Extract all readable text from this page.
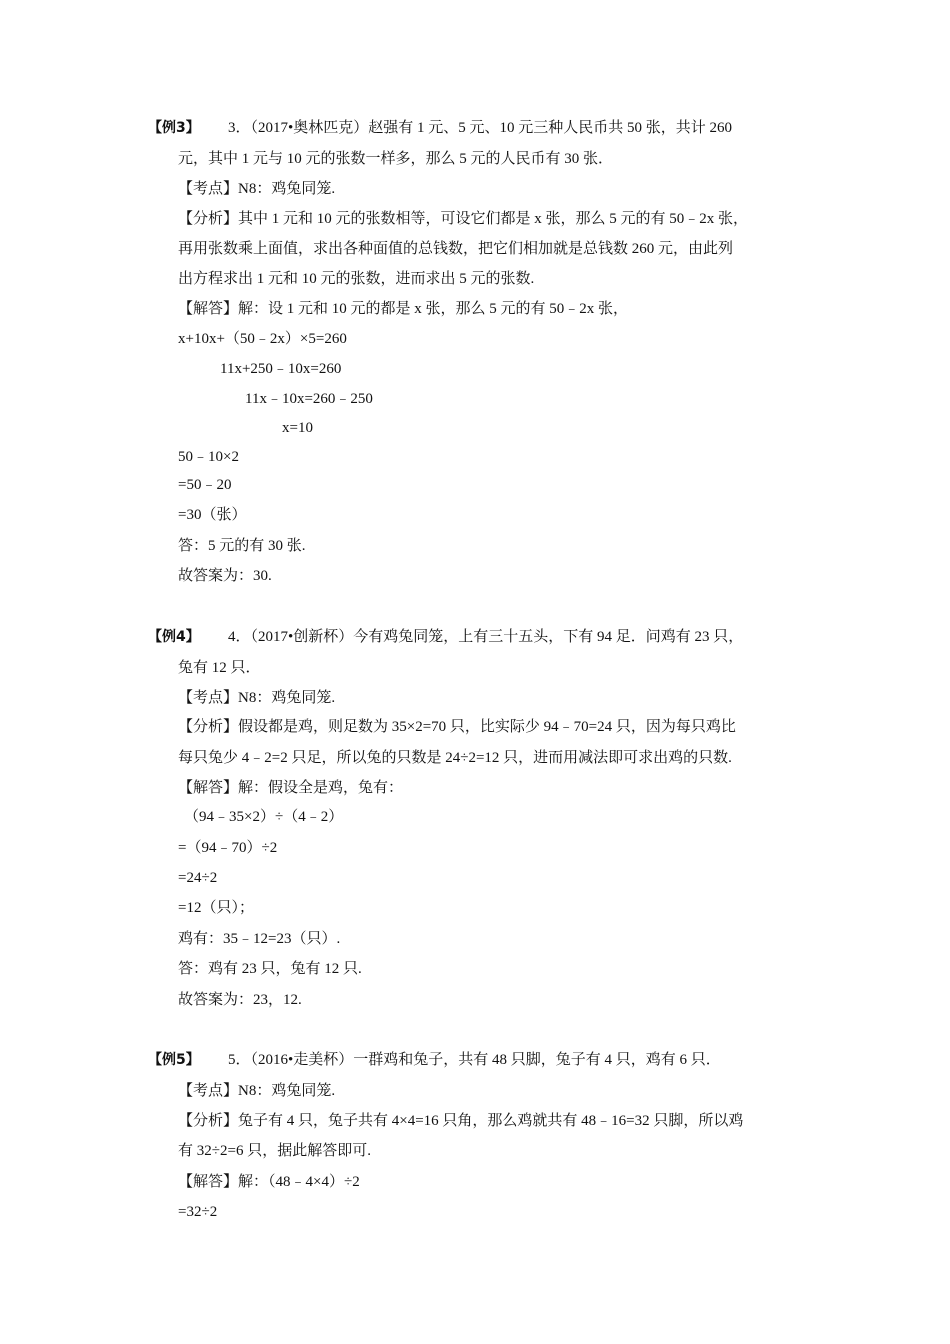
【例3】 3．（2017•奥林匹克）赵强有 1 元、5 元、10 元三种人民币共 50 张，共计 260
元，其中 1 元与 10 元的张数一样多，那么 5 元的人民币有 30 张．
【考点】N8：鸡兔同笼.
【分析】其中 1 元和 10 元的张数相等，可设它们都是 x 张，那么 5 元的有 50﹣2x 张，
再用张数乘上面值，求出各种面值的总钱数，把它们相加就是总钱数 260 元，由此列
出方程求出 1 元和 10 元的张数，进而求出 5 元的张数.
【解答】解：设 1 元和 10 元的都是 x 张，那么 5 元的有 50﹣2x 张，
x+10x+（50﹣2x）×5=260
11x+250﹣10x=260
11x﹣10x=260﹣250
x=10
50﹣10×2
=50﹣20
=30（张）
答：5 元的有 30 张.
故答案为：30.
【例4】 4．（2017•创新杯）今有鸡兔同笼，上有三十五头，下有 94 足．问鸡有 23 只，
兔有 12 只．
【考点】N8：鸡兔同笼.
【分析】假设都是鸡，则足数为 35×2=70 只，比实际少 94﹣70=24 只，因为每只鸡比
每只兔少 4﹣2=2 只足，所以兔的只数是 24÷2=12 只，进而用减法即可求出鸡的只数.
【解答】解：假设全是鸡，兔有：
（94﹣35×2）÷（4﹣2）
=（94﹣70）÷2
=24÷2
=12（只）；
鸡有：35﹣12=23（只）.
答：鸡有 23 只，兔有 12 只.
故答案为：23，12.
【例5】 5．（2016•走美杯）一群鸡和兔子，共有 48 只脚，兔子有 4 只，鸡有 6 只．
【考点】N8：鸡兔同笼.
【分析】兔子有 4 只，兔子共有 4×4=16 只角，那么鸡就共有 48﹣16=32 只脚，所以鸡
有 32÷2=6 只，据此解答即可.
【解答】解：（48﹣4×4）÷2
=32÷2
